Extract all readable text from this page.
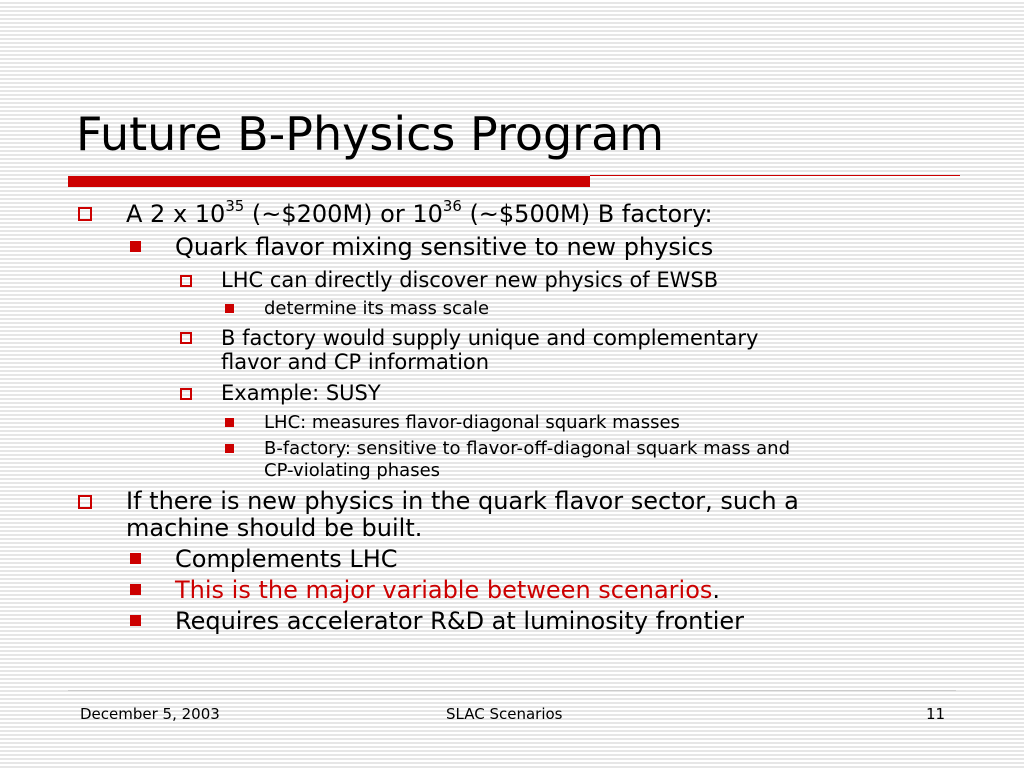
Future B-Physics Program
A 2 x $10^{35}$ (~$200M) or $10^{36}$ (~$500M) B factory:
Quark flavor mixing sensitive to new physics
LHC can directly discover new physics of EWSB
determine its mass scale
B factory would supply unique and complementary
flavor and CP information
Example: SUSY
LHC: measures flavor-diagonal squark masses
B-factory: sensitive to flavor-off-diagonal squark mass and
CP-violating phases
If there is new physics in the quark flavor sector, such a
machine should be built.
Complements LHC
This is the major variable between scenarios.
Requires accelerator R&D at luminosity frontier
December 5, 2003	SLAC Scenarios	11
